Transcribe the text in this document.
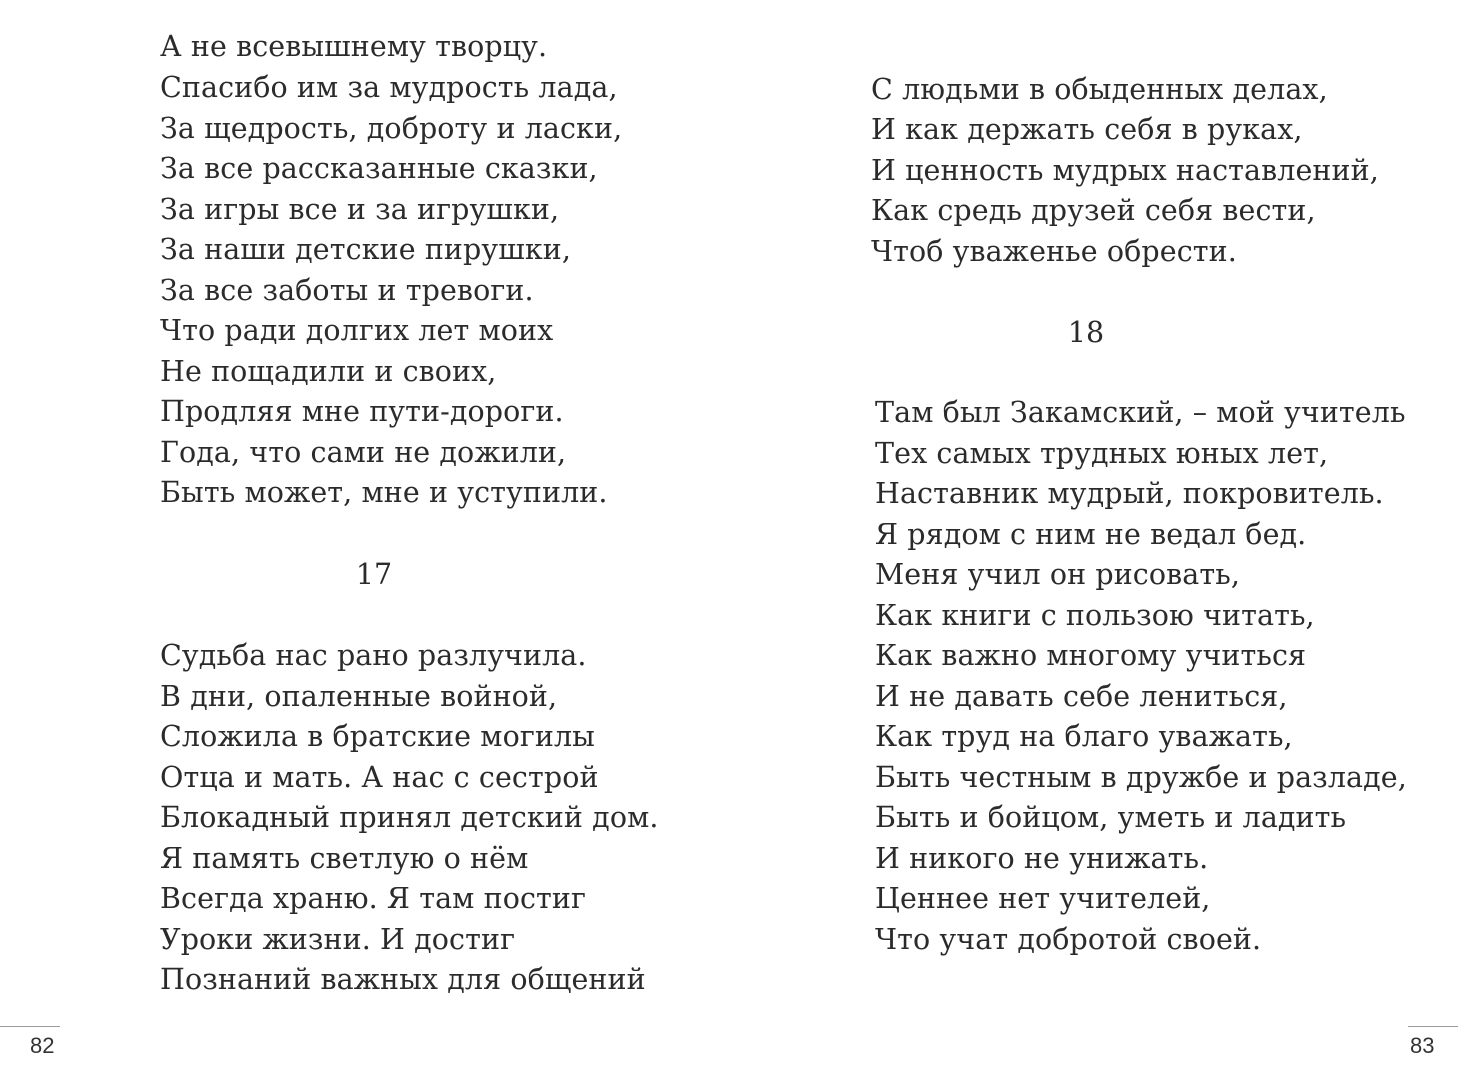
А не всевышнему творцу.
Спасибо им за мудрость лада,
За щедрость, доброту и ласки,
За все рассказанные сказки,
За игры все и за игрушки,
За наши детские пирушки,
За все заботы и тревоги.
Что ради долгих лет моих
Не пощадили и своих,
Продляя мне пути-дороги.
Года, что сами не дожили,
Быть может, мне и уступили.
17
Судьба нас рано разлучила.
В дни, опаленные войной,
Сложила в братские могилы
Отца и мать. А нас с сестрой
Блокадный принял детский дом.
Я память светлую о нём
Всегда храню. Я там постиг
Уроки жизни. И достиг
Познаний важных для общений
82
С людьми в обыденных делах,
И как держать себя в руках,
И ценность мудрых наставлений,
Как средь друзей себя вести,
Чтоб уваженье обрести.
18
Там был Закамский, – мой учитель
Тех самых трудных юных лет,
Наставник мудрый, покровитель.
Я рядом с ним не ведал бед.
Меня учил он рисовать,
Как книги с пользою читать,
Как важно многому учиться
И не давать себе лениться,
Как труд на благо уважать,
Быть честным в дружбе и разладе,
Быть и бойцом, уметь и ладить
И никого не унижать.
Ценнее нет учителей,
Что учат добротой своей.
83
